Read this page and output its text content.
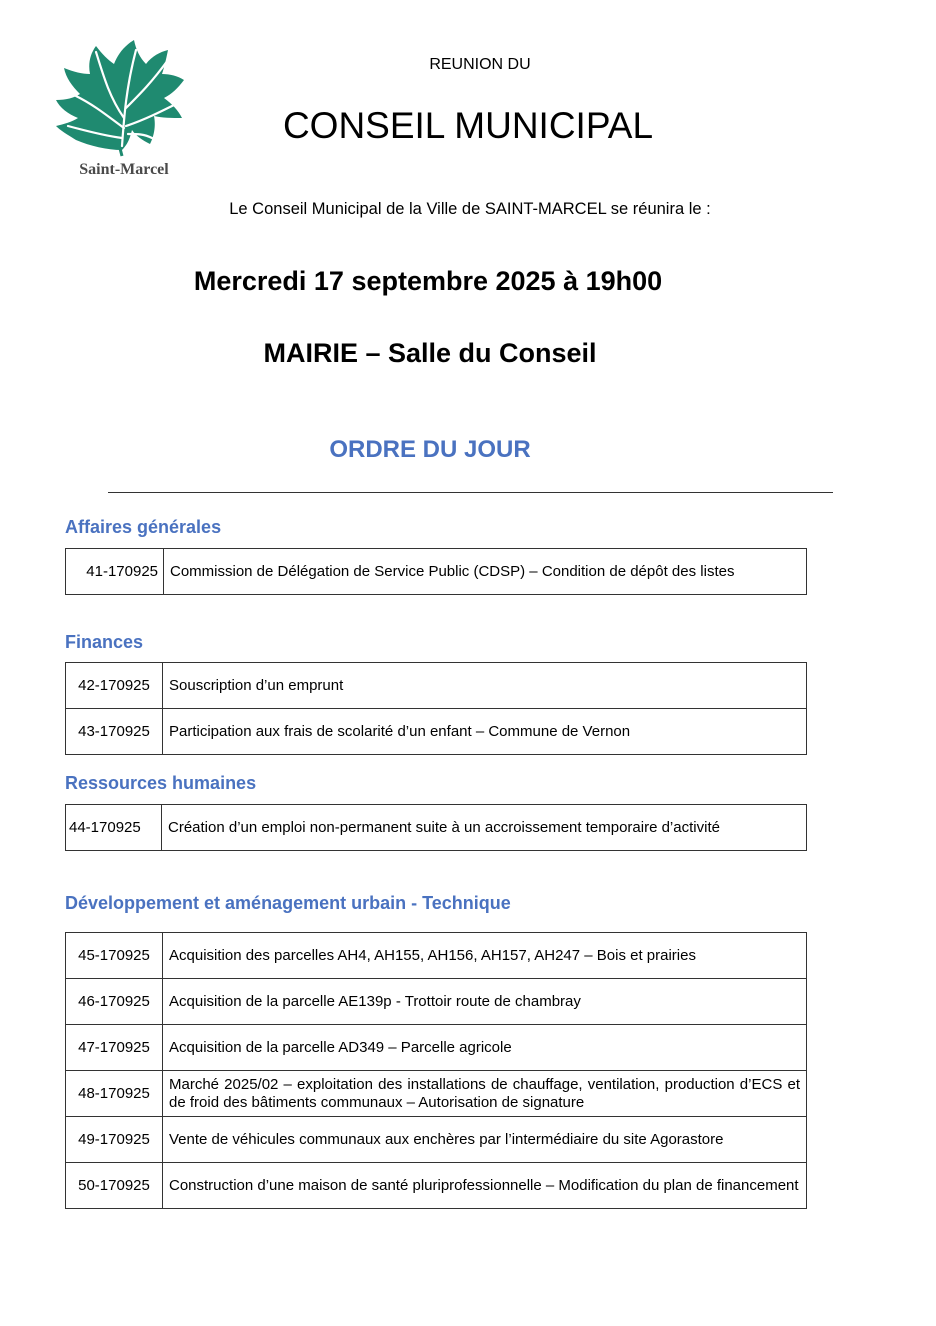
Saint-Marcel
REUNION DU
CONSEIL MUNICIPAL
Le Conseil Municipal de la Ville de SAINT-MARCEL se réunira le :
Mercredi 17 septembre 2025 à 19h00
MAIRIE – Salle du Conseil
ORDRE DU JOUR
Affaires générales
41-170925	Commission de Délégation de Service Public (CDSP) – Condition de dépôt des listes
Finances
42-170925	Souscription d’un emprunt
43-170925	Participation aux frais de scolarité d’un enfant – Commune de Vernon
Ressources humaines
44-170925	Création d’un emploi non-permanent suite à un accroissement temporaire d’activité
Développement et aménagement urbain - Technique
45-170925	Acquisition des parcelles AH4, AH155, AH156, AH157, AH247 – Bois et prairies
46-170925	Acquisition de la parcelle AE139p - Trottoir route de chambray
47-170925	Acquisition de la parcelle AD349 – Parcelle agricole
48-170925	Marché 2025/02 – exploitation des installations de chauffage, ventilation, production d’ECS et de froid des bâtiments communaux – Autorisation de signature
49-170925	Vente de véhicules communaux aux enchères par l’intermédiaire du site Agorastore
50-170925	Construction d’une maison de santé pluriprofessionnelle – Modification du plan de financement
